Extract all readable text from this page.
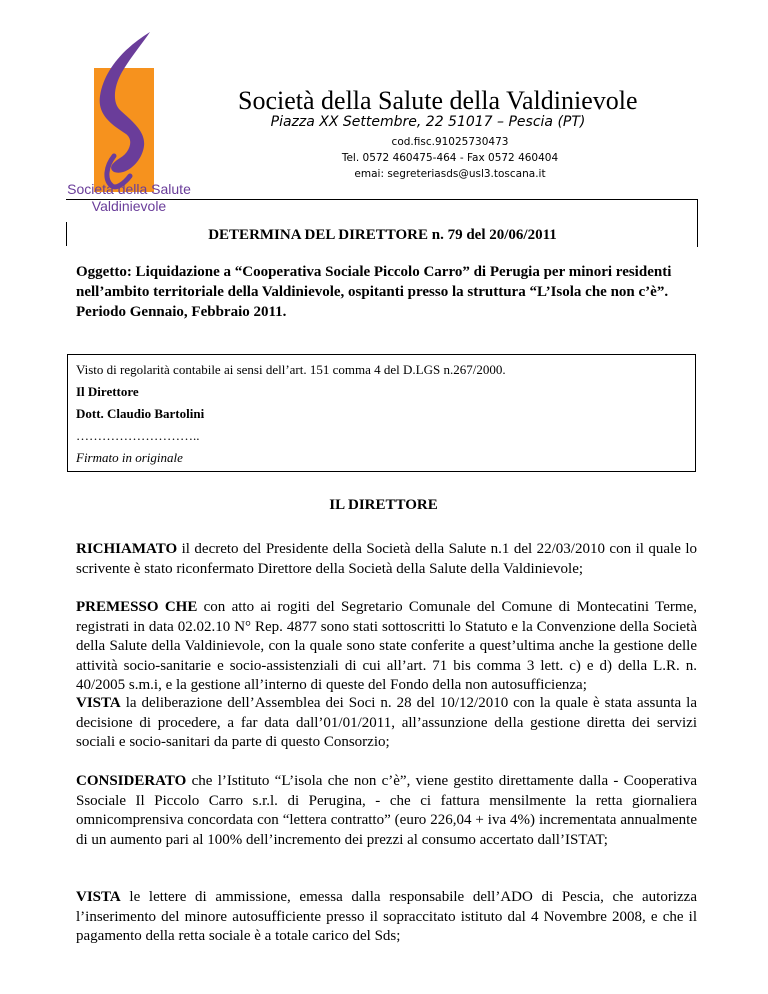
Società della Salute
Valdinievole
Società della Salute della Valdinievole
Piazza XX Settembre, 22 51017 – Pescia (PT)
cod.fisc.91025730473
Tel. 0572 460475-464 - Fax 0572 460404
emai: segreteriasds@usl3.toscana.it
DETERMINA DEL DIRETTORE n. 79 del 20/06/2011
Oggetto: Liquidazione a “Cooperativa Sociale Piccolo Carro” di Perugia per minori residenti nell’ambito territoriale della Valdinievole, ospitanti presso la struttura “L’Isola che non c’è”. Periodo Gennaio, Febbraio 2011.

Visto di regolarità contabile ai sensi dell’art. 151 comma 4 del D.LGS n.267/2000.

Il Direttore

Dott. Claudio Bartolini

………………………..

Firmato in originale

IL DIRETTORE

RICHIAMATO il decreto del Presidente della Società della Salute n.1 del 22/03/2010 con il quale lo scrivente è stato riconfermato Direttore della Società della Salute della Valdinievole;

PREMESSO CHE con atto ai rogiti del Segretario Comunale del Comune di Montecatini Terme, registrati in data 02.02.10 N° Rep. 4877 sono stati sottoscritti lo Statuto e la Convenzione della Società della Salute della Valdinievole, con la quale sono state conferite a quest’ultima anche la gestione delle attività socio-sanitarie e socio-assistenziali di cui all’art. 71 bis comma 3 lett. c) e d) della L.R. n. 40/2005 s.m.i, e la gestione all’interno di queste del Fondo della non autosufficienza;

VISTA la deliberazione dell’Assemblea dei Soci n. 28 del 10/12/2010 con la quale è stata assunta la decisione di procedere, a far data dall’01/01/2011, all’assunzione della gestione diretta dei servizi sociali e socio-sanitari da parte di questo Consorzio;

CONSIDERATO che l’Istituto “L’isola che non c’è”, viene gestito direttamente dalla - Cooperativa Ssociale Il Piccolo Carro s.r.l. di Perugina, - che ci fattura mensilmente la retta giornaliera omnicomprensiva concordata con “lettera contratto” (euro 226,04 + iva 4%) incrementata annualmente di un aumento pari al 100% dell’incremento dei prezzi al consumo accertato dall’ISTAT;

VISTA le lettere di ammissione, emessa dalla responsabile dell’ADO di Pescia, che autorizza l’inserimento del minore autosufficiente presso il sopraccitato istituto dal 4 Novembre 2008, e che il pagamento della retta sociale è a totale carico del Sds;
